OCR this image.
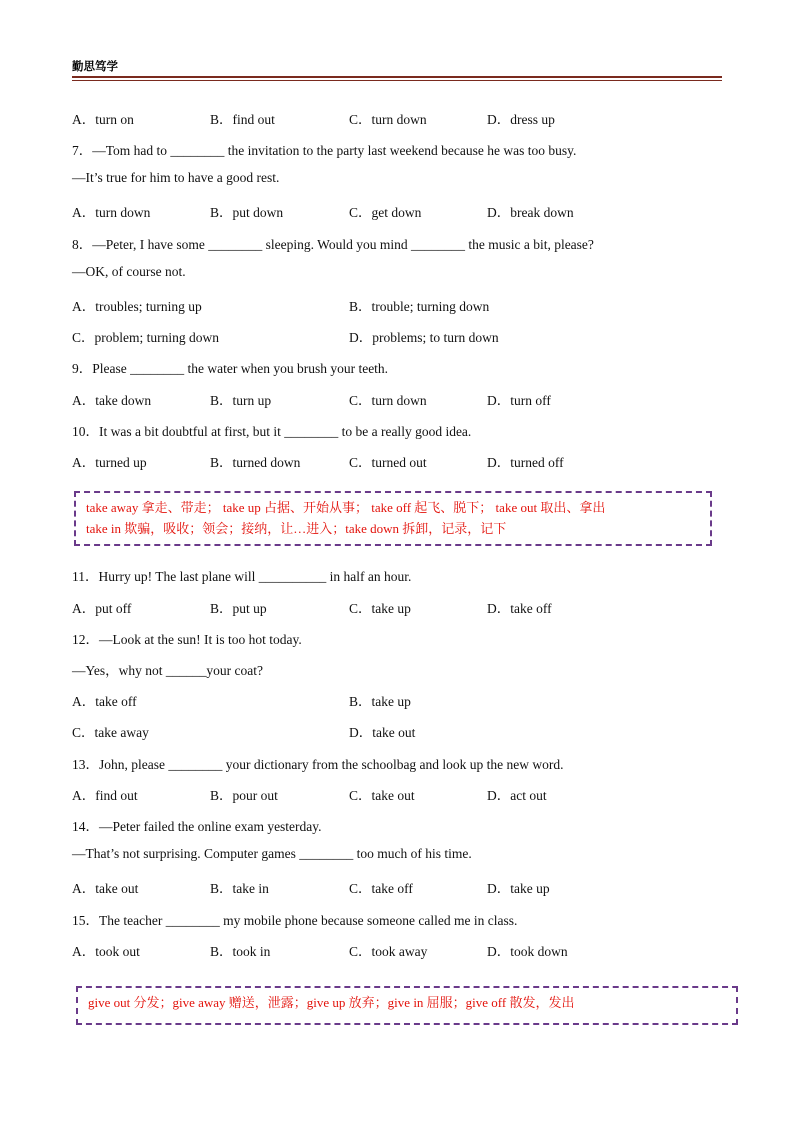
勤思笃学
A．turn on	B．find out	C．turn down	D．dress up
7．—Tom had to ________ the invitation to the party last weekend because he was too busy.
—It’s true for him to have a good rest.
A．turn down	B．put down	C．get down	D．break down
8．—Peter, I have some ________ sleeping. Would you mind ________ the music a bit, please?
—OK, of course not.
A．troubles; turning up	B．trouble; turning down
C．problem; turning down	D．problems; to turn down
9．Please ________ the water when you brush your teeth.
A．take down	B．turn up	C．turn down	D．turn off
10．It was a bit doubtful at first, but it ________ to be a really good idea.
A．turned up	B．turned down	C．turned out	D．turned off
take away 拿走、带走； take up 占据、开始从事； take off 起飞、脱下； take out 取出、拿出
take in 欺骗，吸收；领会；接纳，让…进入；take down 拆卸，记录，记下
11．Hurry up! The last plane will __________ in half an hour.
A．put off	B．put up	C．take up	D．take off
12．—Look at the sun! It is too hot today.
—Yes，why not ______your coat?
A．take off	B．take up
C．take away	D．take out
13．John, please ________ your dictionary from the schoolbag and look up the new word.
A．find out	B．pour out	C．take out	D．act out
14．—Peter failed the online exam yesterday.
—That’s not surprising. Computer games ________ too much of his time.
A．take out	B．take in	C．take off	D．take up
15．The teacher ________ my mobile phone because someone called me in class.
A．took out	B．took in	C．took away	D．took down
give out 分发；give away 赠送，泄露；give up 放弃；give in 屈服；give off 散发，发出
